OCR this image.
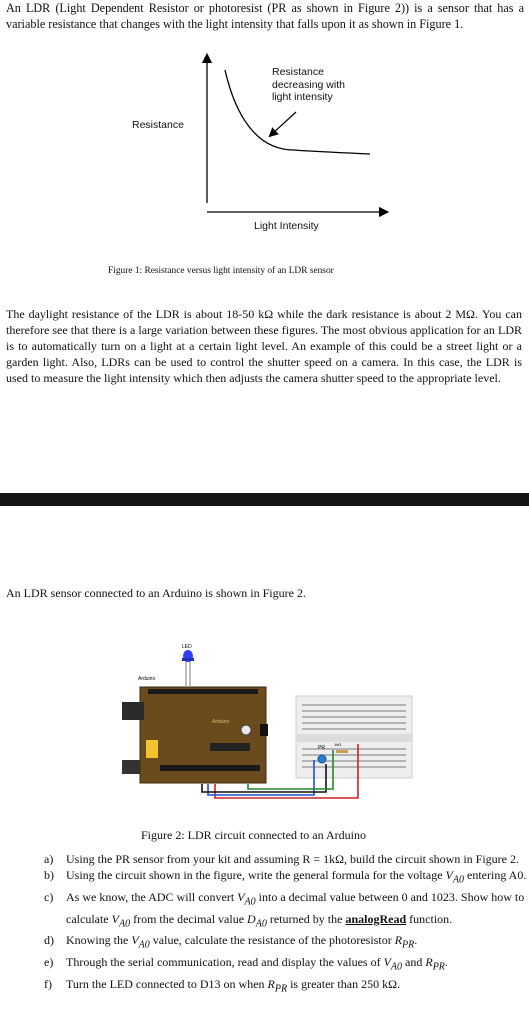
An LDR (Light Dependent Resistor or photoresist (PR as shown in Figure 2)) is a sensor that has a variable resistance that changes with the light intensity that falls upon it as shown in Figure 1.
Resistance
Resistance
decreasing with
light intensity
Light Intensity
Figure 1: Resistance versus light intensity of an LDR sensor
The daylight resistance of the LDR is about 18-50 kΩ while the dark resistance is about 2 MΩ. You can therefore see that there is a large variation between these figures. The most obvious application for an LDR is to automatically turn on a light at a certain light level. An example of this could be a street light or a garden light. Also, LDRs can be used to control the shutter speed on a camera. In this case, the LDR is used to measure the light intensity which then adjusts the camera shutter speed to the appropriate level.
An LDR sensor connected to an Arduino is shown in Figure 2.
LED
Arduino
Arduino
PR
1kΩ
Figure 2: LDR circuit connected to an Arduino
a) Using the PR sensor from your kit and assuming R = 1kΩ, build the circuit shown in Figure 2.
b) Using the circuit shown in the figure, write the general formula for the voltage $V_{A0}$ entering A0.
c) As we know, the ADC will convert $V_{A0}$ into a decimal value between 0 and 1023. Show how to calculate $V_{A0}$ from the decimal value $D_{A0}$ returned by the analogRead function.
d) Knowing the $V_{A0}$ value, calculate the resistance of the photoresistor $R_{PR}$.
e) Through the serial communication, read and display the values of $V_{A0}$ and $R_{PR}$.
f) Turn the LED connected to D13 on when $R_{PR}$ is greater than 250 kΩ.
